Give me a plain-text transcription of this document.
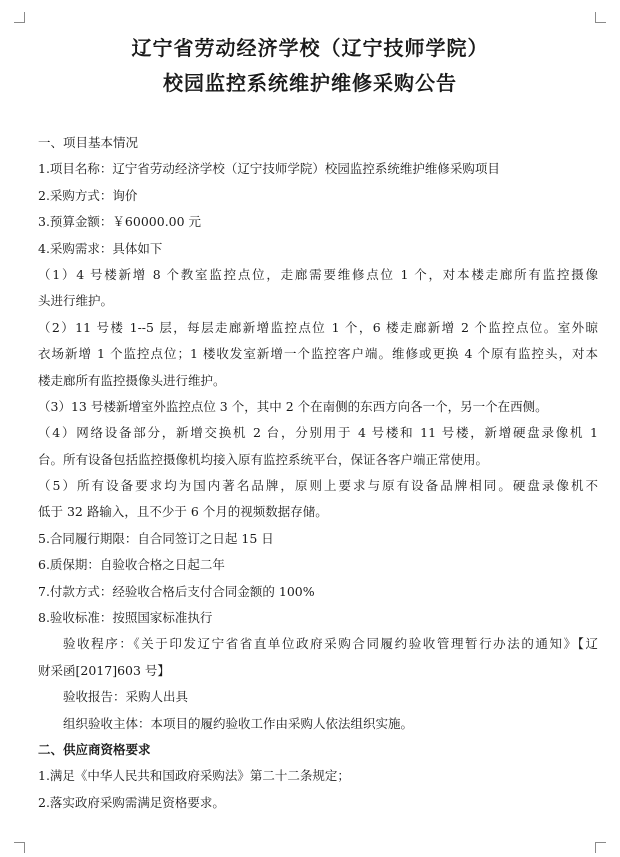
辽宁省劳动经济学校（辽宁技师学院）
校园监控系统维护维修采购公告
一、项目基本情况
1.项目名称：辽宁省劳动经济学校（辽宁技师学院）校园监控系统维护维修采购项目
2.采购方式：询价
3.预算金额：￥60000.00 元
4.采购需求：具体如下
（1）4 号楼新增 8 个教室监控点位，走廊需要维修点位 1 个，对本楼走廊所有监控摄像
头进行维护。
（2）11 号楼 1--5 层，每层走廊新增监控点位 1 个，6 楼走廊新增 2 个监控点位。室外晾
衣场新增 1 个监控点位；1 楼收发室新增一个监控客户端。维修或更换 4 个原有监控头，对本
楼走廊所有监控摄像头进行维护。
（3）13 号楼新增室外监控点位 3 个，其中 2 个在南侧的东西方向各一个，另一个在西侧。
（4）网络设备部分，新增交换机 2 台，分别用于 4 号楼和 11 号楼，新增硬盘录像机 1
台。所有设备包括监控摄像机均接入原有监控系统平台，保证各客户端正常使用。
（5）所有设备要求均为国内著名品牌，原则上要求与原有设备品牌相同。硬盘录像机不
低于 32 路输入，且不少于 6 个月的视频数据存储。
5.合同履行期限：自合同签订之日起 15 日
6.质保期：自验收合格之日起二年
7.付款方式：经验收合格后支付合同金额的 100%
8.验收标准：按照国家标准执行
验收程序：《关于印发辽宁省省直单位政府采购合同履约验收管理暂行办法的通知》【辽
财采函[2017]603 号】
验收报告：采购人出具
组织验收主体：本项目的履约验收工作由采购人依法组织实施。
二、供应商资格要求
1.满足《中华人民共和国政府采购法》第二十二条规定；
2.落实政府采购需满足资格要求。
